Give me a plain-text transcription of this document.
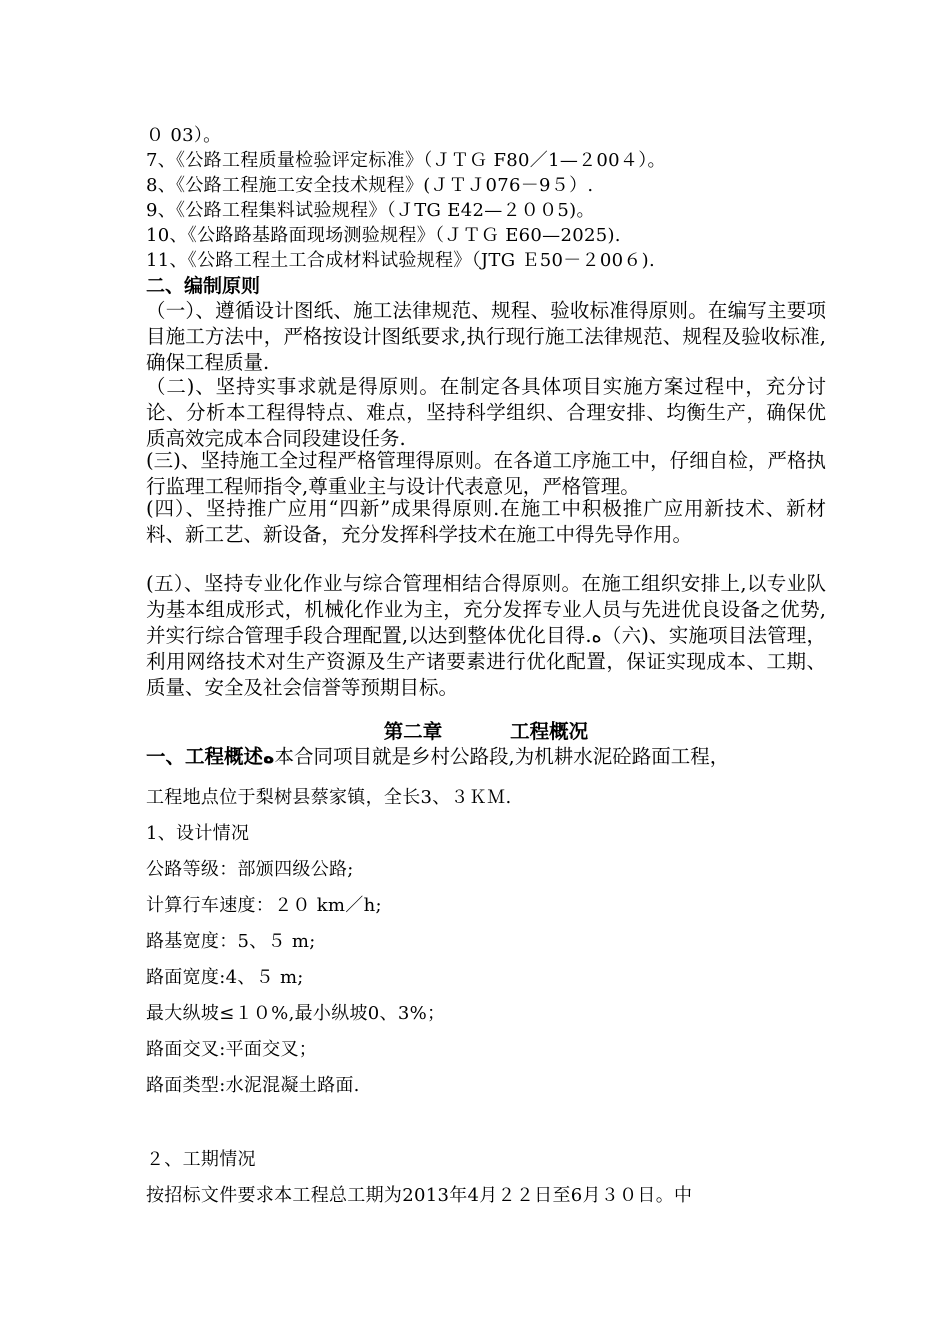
０ 03）。
7、《公路工程质量检验评定标准》（ＪＴＧ F80／1—２00４）。
8、《公路工程施工安全技术规程》(ＪＴＪ076－9５）.
9、《公路工程集料试验规程》（ＪTG E42—２００5)。
10、《公路路基路面现场测验规程》（ＪＴＧ E60—2025).
11、《公路工程土工合成材料试验规程》（JTG Ｅ50－２00６).
二、编制原则
（一）、遵循设计图纸、施工法律规范、规程、验收标准得原则。在编写主要项目施工方法中，严格按设计图纸要求,执行现行施工法律规范、规程及验收标准,确保工程质量.
（二)、坚持实事求就是得原则。在制定各具体项目实施方案过程中，充分讨论、分析本工程得特点、难点，坚持科学组织、合理安排、均衡生产，确保优质高效完成本合同段建设任务.
(三)、坚持施工全过程严格管理得原则。在各道工序施工中，仔细自检，严格执行监理工程师指令,尊重业主与设计代表意见，严格管理。
(四）、坚持推广应用“四新”成果得原则.在施工中积极推广应用新技术、新材料、新工艺、新设备，充分发挥科学技术在施工中得先导作用。
(五）、坚持专业化作业与综合管理相结合得原则。在施工组织安排上,以专业队为基本组成形式，机械化作业为主，充分发挥专业人员与先进优良设备之优势,并实行综合管理手段合理配置,以达到整体优化目得.ﻩ（六)、实施项目法管理，利用网络技术对生产资源及生产诸要素进行优化配置，保证实现成本、工期、质量、安全及社会信誉等预期目标。
第二章          工程概况
一、工程概述ﻩ本合同项目就是乡村公路段,为机耕水泥砼路面工程，
工程地点位于梨树县蔡家镇，全长3、３ＫＭ.
1、设计情况
公路等级：部颁四级公路;
计算行车速度：２０ km／h;
路基宽度：5、５ m;
路面宽度:4、５ m;
最大纵坡≤１０%,最小纵坡0、3%；
路面交叉:平面交叉；
路面类型:水泥混凝土路面.
２、工期情况
按招标文件要求本工程总工期为2013年4月２２日至6月３０日。中
